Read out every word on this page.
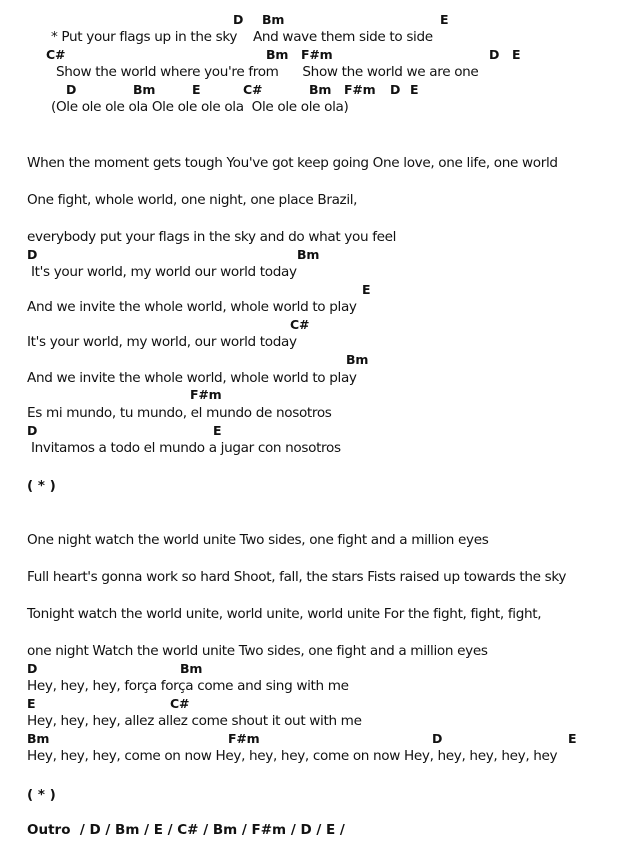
D Bm	E
* Put your flags up in the sky    And wave them side to side
C#	Bm F#m	D E
Show the world where you're from      Show the world we are one
D	Bm	E	C#	Bm F#m D E
(Ole ole ole ola Ole ole ole ola  Ole ole ole ola)
When the moment gets tough You've got keep going One love, one life, one world
One fight, whole world, one night, one place Brazil,
everybody put your flags in the sky and do what you feel
D	Bm
It's your world, my world our world today
E
And we invite the whole world, whole world to play
C#
It's your world, my world, our world today
Bm
And we invite the whole world, whole world to play
F#m
Es mi mundo, tu mundo, el mundo de nosotros
D	E
Invitamos a todo el mundo a jugar con nosotros
( * )
One night watch the world unite Two sides, one fight and a million eyes
Full heart's gonna work so hard Shoot, fall, the stars Fists raised up towards the sky
Tonight watch the world unite, world unite, world unite For the fight, fight, fight,
one night Watch the world unite Two sides, one fight and a million eyes
D	Bm
Hey, hey, hey, força força come and sing with me
E	C#
Hey, hey, hey, allez allez come shout it out with me
Bm	F#m	D	E
Hey, hey, hey, come on now Hey, hey, hey, come on now Hey, hey, hey, hey, hey
( * )
Outro  / D / Bm / E / C# / Bm / F#m / D / E /
